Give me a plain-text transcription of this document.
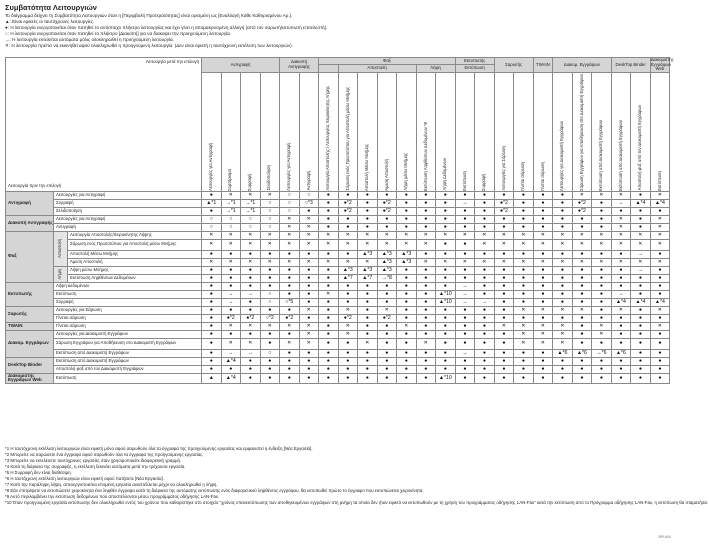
Συμβατότητα Λειτουργιών
Το διάγραμμα δείχνει τη Συμβατότητα Λειτουργιών όταν η [Περιμβολή Προτεραιότητας] είναι ορισμένη ως [Εναλλαγή Κάθε Καθορισμένου Αρ.].
▲: Είναι εφικτές οι ταυτόχρονες λειτουργίες.
●: Η λειτουργία ενεργοποιείται όταν πατηθεί το αντίστοιχο πλήκτρο λειτουργίας και έχει γίνει η απομακρυσμένη αλλαγή (από τον σαρωτή/εκτυπωτή επιτελεστή).
○: Η λειτουργία ενεργοποιείται όταν πατηθεί το πλήκτρο [Διακοπή] για να διακοψει την προηγούμενη λειτουργία.
→: Η λειτουργία εκτελείται αυτόματα μόλις ολοκληρωθεί η προηγούμενη λειτουργία.
✕: Η λειτουργία πρέπει να εκκινηθεί αφού ολοκληρωθεί η προηγούμενη λειτουργία. (Δεν είναι εφικτή η ταυτόχρονη εκτέλεση των λειτουργιών).
Λειτουργία μετά την επιλογή
Λειτουργία πριν την επιλογή			Αντιγραφή				Διακοπή Αντιγραφής		Φαξ							Εκτυπωτής		Σαρωτής		TWAIN	Διακομ. Εγγράφων			DeskTop Binder		Διακομιστής Εγγράφων Web
										Αποστολή				Λήψη		Εκτύπωση										

			Λειτουργίες για Αντιγραφή	Σορτάρισμα	Συρραφή	Σελιδοποίηση	Λειτουργίες για Αντιγραφή	Αντιγραφή	Λειτουργία Αποστολής / Λειτουργίας Χειροκίνητης Λήψης	Σάρωση ενός Πρωτοτύπου για Αποστολή μέσω Μνήμης	Αποστολή Μέσω Μνήμης	Άμεση Αποστολή	Λήψη μέσω Μνήμης	Εκτύπωση Ληφθέντων Δεδομένων *8	Λήψη Δεδομένων	Εκτύπωση	Συρραφή	Λειτουργίες για Σάρωση	Γίνεται σάρωση	Γίνεται σάρωση	Λειτουργίες για Διακομιστή Εγγράφων	Σάρωση Εγγράφου για Αποθήκευση στο Διακομιστή Εγγράφων	Εκτύπωση από Διακομιστή Εγγράφων	Εκτύπωση από Διακομιστή Εγγράφων	Αποστολή φαξ από τον Διακομιστή Εγγράφων	Εκτύπωση

Αντιγραφή	Λειτουργίες για Αντιγραφή		●	✕	✕	✕	○	○	●	●	●	●	●	●	●	●	●	●	●	●	●	✕	✕	✕	●	✕
	Συρραφή		▲*1	→*1	→*1	○	○	○*3	●	●*2	●	●*2	●	●	●	→	●	●*2	●	●	●	●*2	●	→	▲*4	▲*4
	Σελιδοποίηση		●	→*1	→*1	○	○	●	●	●*2	●	●*2	●	●	●	●	●	●*2	●	●	●	●*2	●	●	●	●
Διακοπή Αντιγραφής	Λειτουργίες για Αντιγραφή		○	○	○	○	✕	✕	●	●	●	●	●	●	●	●	●	●	●	●	●	●	●	✕	●	✕
	Αντιγραφή		○	○	○	○	✕	✕	●	●	●	●	●	●	●	●	●	●	●	●	●	●	●	✕	●	✕
Φαξ	Αποστολή	Λειτουργία Αποστολής/Χειροκίνητης Λήψης	✕	✕	✕	✕	✕	✕	✕	✕	✕	✕	✕	✕	✕	✕	✕	✕	✕	✕	✕	✕	✕	✕	✕	✕
		Σάρωση ενός Πρωτοτύπου για Αποστολή μέσω Μνήμης	✕	✕	✕	✕	✕	✕	✕	✕	✕	✕	✕	✕	●	●	✕	✕	✕	✕	✕	✕	✕	✕	✕	✕
		Αποστολή Μέσω Μνήμης	●	●	●	●	●	●	●	●	▲*3	▲*3	▲*3	●	●	●	●	●	●	●	●	●	●	●	→	●
		Άμεση Αποστολή	✕	✕	✕	✕	✕	✕	✕	✕	✕	▲*3	▲*3	✕	✕	✕	✕	✕	✕	✕	✕	✕	✕	✕	✕	✕

	Λήψη	Λήψη μέσω Μνήμης	●	●	●	●	●	●	●	▲*3	▲*3	▲*3	●	●	●	●	●	●	●	●	●	●	●	●	→	●
		Εκτύπωση Ληφθέντων Δεδομένων	●	●	●	●	●	●	●	▲*7	▲*7	→*8	●	●	●	●	●	●	●	●	●	●	●	●	●	●
Εκτυπωτής	Λήψη Δεδομένων		●	●	●	●	●	●	●	●	●	●	●	●	●	→	●	●	●	●	●	●	●	●	●	●
	Εκτύπωση		●	→	→	○	●	●	✕	●	●	●	●	●	▲*10	→	●	●	●	●	●	●	●	→	●	●
	Συρραφή		●	→	●	○	○*5	●	●	●	●	●	●	●	▲*10	→	→	●	●	●	●	●	●	▲*4	▲*4	▲*4
Σαρωτής	Λειτουργίες για Σάρωση		●	●	●	●	●	✕	●	✕	●	✕	●	●	●	●	●	●	✕	✕	✕	✕	●	✕	●	✕
	Γίνεται σάρωση		●	●*2	●*2	○*2	●*2	●	●	●*2	●	●*2	●	●	●	●	●	●	●	●	●	●	●	●	●	●
TWAIN	Γίνεται σάρωση		●	✕	✕	✕	✕	✕	●	✕	●	●	✕	●	●	●	●	✕	✕	✕	✕	●	✕	●	●	✕
Διακομ. Εγγράφων	Λειτουργίες για Διακομιστή Εγγράφων		●	●	●	●	●	✕	●	✕	●	●	●	●	●	●	●	●	✕	✕	✕	●	✕	●	●	●
	Σάρωση Εγγράφου για Αποθήκευση στο Διακομιστή Εγγράφων		●	✕	✕	●	✕	✕	●	●	✕	●	●	✕	●	●	●	●	✕	✕	✕	●	●	●	●	●
	Εκτύπωση από Διακομιστή Εγγράφων		●	→	→	○	●	●	●	●	●	●	●	●	●	→	●	●	●	●	▲*6	▲*6	→*6	▲*6	●	●
DeskTop Binder	Εκτύπωση από Διακομιστή Εγγράφων		●	▲*4	●	●	●	●	●	●	●	●	●	●	●	●	●	●	●	●	●	●	●	●	●	●
	Αποστολή φαξ από τον Διακομιστή Εγγράφων		●	●	●	●	●	●	●	●	●	●	●	●	●	●	●	●	●	●	●	●	●	●	●	●
Διακομιστής Εγγράφων Web	Εκτύπωση		▲	▲*4	●	●	●	●	●	●	●	●	●	●	▲*10	●	●	●	●	●	●	●	●	●	●	●
*1 Η ταυτόχρονη εκτέλεση λειτουργιών είναι εφικτή μόνο αφού σαρωθούν όλα τα έγγραφα της προηγούμενης εργασίας και εμφανιστεί η ένδειξη [Νέα Εργασία].
*2 Μπορείτε να σαρώσετε ένα έγγραφο αφού σαρωθούν όλα τα έγγραφα της προηγούμενης εργασίας.
*3 Μπορείτε να εκτελέσετε ταυτόχρονες εργασίες όταν χρησιμοποιείτε διαφορετική γραμμή.
*4 Κατά τη διάρκεια της συρραφής, η εκτέλεση ξεκινάει αυτόματα μετά την τρέχουσα εργασία.
*5 Η Συρραφή δεν είναι διαθέσιμη.
*6 Η ταυτόχρονη εκτέλεση λειτουργιών είναι εφικτή αφού πατήσετε [Νέα Εργασία].
*7 Κατά την παράληψη λήψη, απενεργοποιείται επομένη εργασία αναστέλλεται μέχρι να ολοκληρωθεί η λήψη.
*8 Εάν επιτρέψετε να εκτυπώσετε χειροκίνητα ένα ληφθέν έγγραφο κατά τη διάρκεια της αυτόματης εκτύπωσης ενός διαφορετικού ληφθέντος εγγράφου, θα εκτυπωθεί πρώτο το έγγραφο που εκτυπώνεται χειροκίνητα.
*9 Αυτό περιλαμβάνει την εκτύπωση δεδομένων που αποστέλλονται μέσω προγράμματος οδήγησης LAN-Fax.
*10 Όταν προηγουμένη εργασία εκτύπωσης δεν ολοκληρωθεί εντός του χρόνου που καθορίστηκε στο στοιχείο "χρόνος επανεκτύπωσης των αποθηκευμένων εγγράφων στη μνήμη τα οποία δεν ήταν εφικτό να εκτυπωθούν με τη χρήση του προγράμματος οδήγησης LAN-Fax" κατά την εκτύπωση από το Πρόγραμμα οδήγησης LAN-Fax, η εκτύπωση θα σταματήσει.
BPL600
